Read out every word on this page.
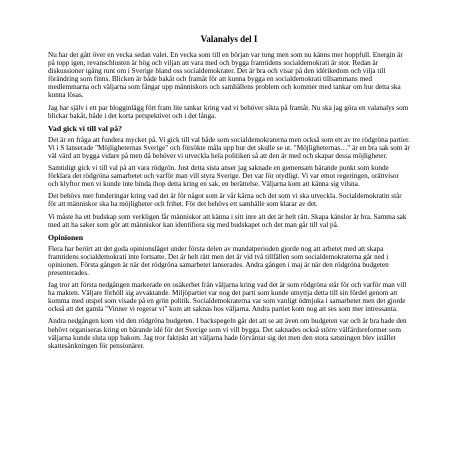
Valanalys del I

Nu har det gått över en vecka sedan valet. En vecka som till en början var tung men som nu känns mer hoppfull. Energin är på topp igen, revanschlusten är hög och viljan att vara med och bygga framtidens socialdemokrati är stor. Redan är diskussioner igång runt om i Sverige bland oss socialdemokrater. Det är bra och visar på den idérikedom och vilja till förändring som finns. Blicken är både bakåt och framåt för att kunna bygga en socialdemokrati tillsammans med medlemmarna och väljarna som fångar upp människors och samhällens problem och kommer med tankar om hur detta ska kunna lösas.

Jag har själv i ett par blogginlägg fört fram lite tankar kring vad vi behöver sikta på framåt. Nu ska jag göra en valanalys som blickar bakåt, både i det korta perspektivet och i det långa.

Vad gick vi till val på?

Det är en fråga att fundera mycket på. Vi gick till val både som socialdemokraterna men också som ett av tre rödgröna partier. Vi i S lanserade "Möjligheternas Sverige" och försökte måla upp hur det skulle se ut. "Möjligheternas…" är en bra sak som är väl värd att bygga vidare på men då behöver vi utveckla hela politiken så att den är med och skapar dessa möjligheter.

Samtidigt gick vi till val på att vara rödgrön. Just detta sista anser jag saknade en gemensam bärande punkt som kunde förklara det rödgröna samarbetet och varför man vill styra Sverige. Det var för otydligt. Vi var emot regeringen, orättvisor och klyftor men vi kunde inte binda ihop detta kring en sak, en berättelse. Väljarna kom att känna sig vilsna.

Det behövs mer funderingar kring vad det är för något som är vår kärna och det som vi ska utveckla. Socialdemokratin står för att människor ska ha möjligheter och frihet. För det behövs ett samhälle som klarar av det.

Vi måste ha ett budskap som verkligen får människor att känna i sitt inre att det är helt rätt. Skapa känslor är bra. Samma sak med att ha saker som gör att människor kan identifiera sig med budskapet och det man går till val på.

Opinionen

Flera har berört att det goda opinionsläget under första delen av mandatperioden gjorde nog att arbetet med att skapa framtidens socialdemokrati inte fortsatte. Det är helt rätt men det är vid två tillfällen som socialdemokraterna går ned i opinionen. Första gången är när det rödgröna samarbetet lanserades. Andra gången i maj är när den rödgröna budgeten presenterades.

Jag tror att första nedgången markerade en osäkerhet från väljarna kring vad det är som rödgröna står för och varför man vill ha makten. Väljare förhöll sig avvaktande. Miljöpartiet var nog det parti som kunde utnyttja detta till sin fördel genom att komma med utspel som visade på en grön politik. Socialdemokraterna var som vanligt ödmjuka i samarbetet men det gjorde också att det gamla "Vinner vi regerar vi" kom att saknas hos väljarna. Andra partiet kom nog att ses som mer intressanta.

Andra nedgången kom vid den rödgröna budgeten. I backspegeln går det att se att även om budgeten var och är bra hade den behövt organiseras kring en bärande idé för det Sverige som vi vill bygga. Det saknades också större välfärdsreformer som väljarna kunde sluta upp bakom. Jag tror faktiskt att väljarna hade förväntat sig det men den stora satsningen blev istället skattesänkningen för pensionärer.
